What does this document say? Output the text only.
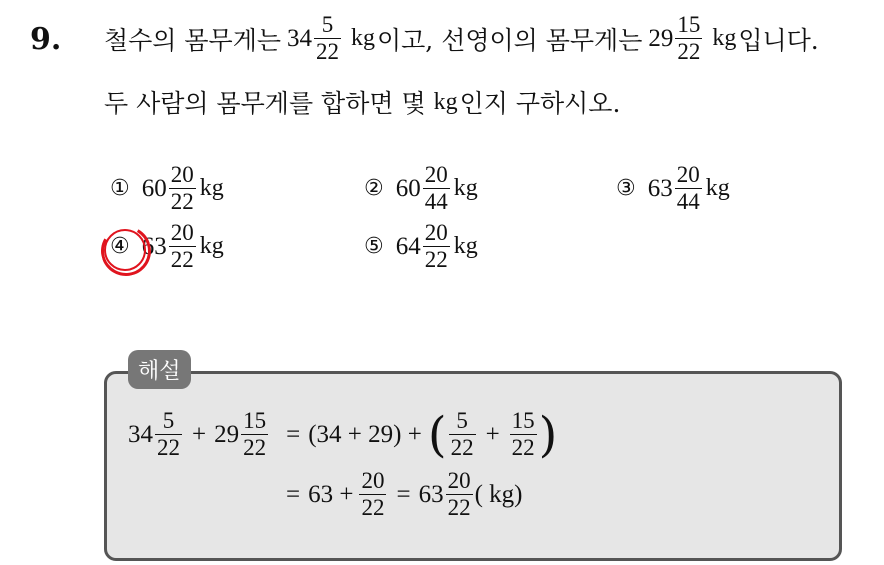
9. 철수의 몸무게는 $34 \frac{5}{22}$ kg 이고, 선영이의 몸무게는 $29 \frac{15}{22}$ kg 입니다.
두 사람의 몸무게를 합하면 몇 kg 인지 구하시오.
① $60 \frac{20}{22}$ kg	② $60 \frac{20}{44}$ kg	③ $63 \frac{20}{44}$ kg
④ $63 \frac{20}{22}$ kg	⑤ $64 \frac{20}{22}$ kg
해설
$34 \frac{5}{22} + 29 \frac{15}{22} = (34 + 29)$ + ( $\frac{5}{22} + \frac{15}{22}$ )
= $63 + \frac{20}{22} = 63 \frac{20}{22}$ ( kg)
